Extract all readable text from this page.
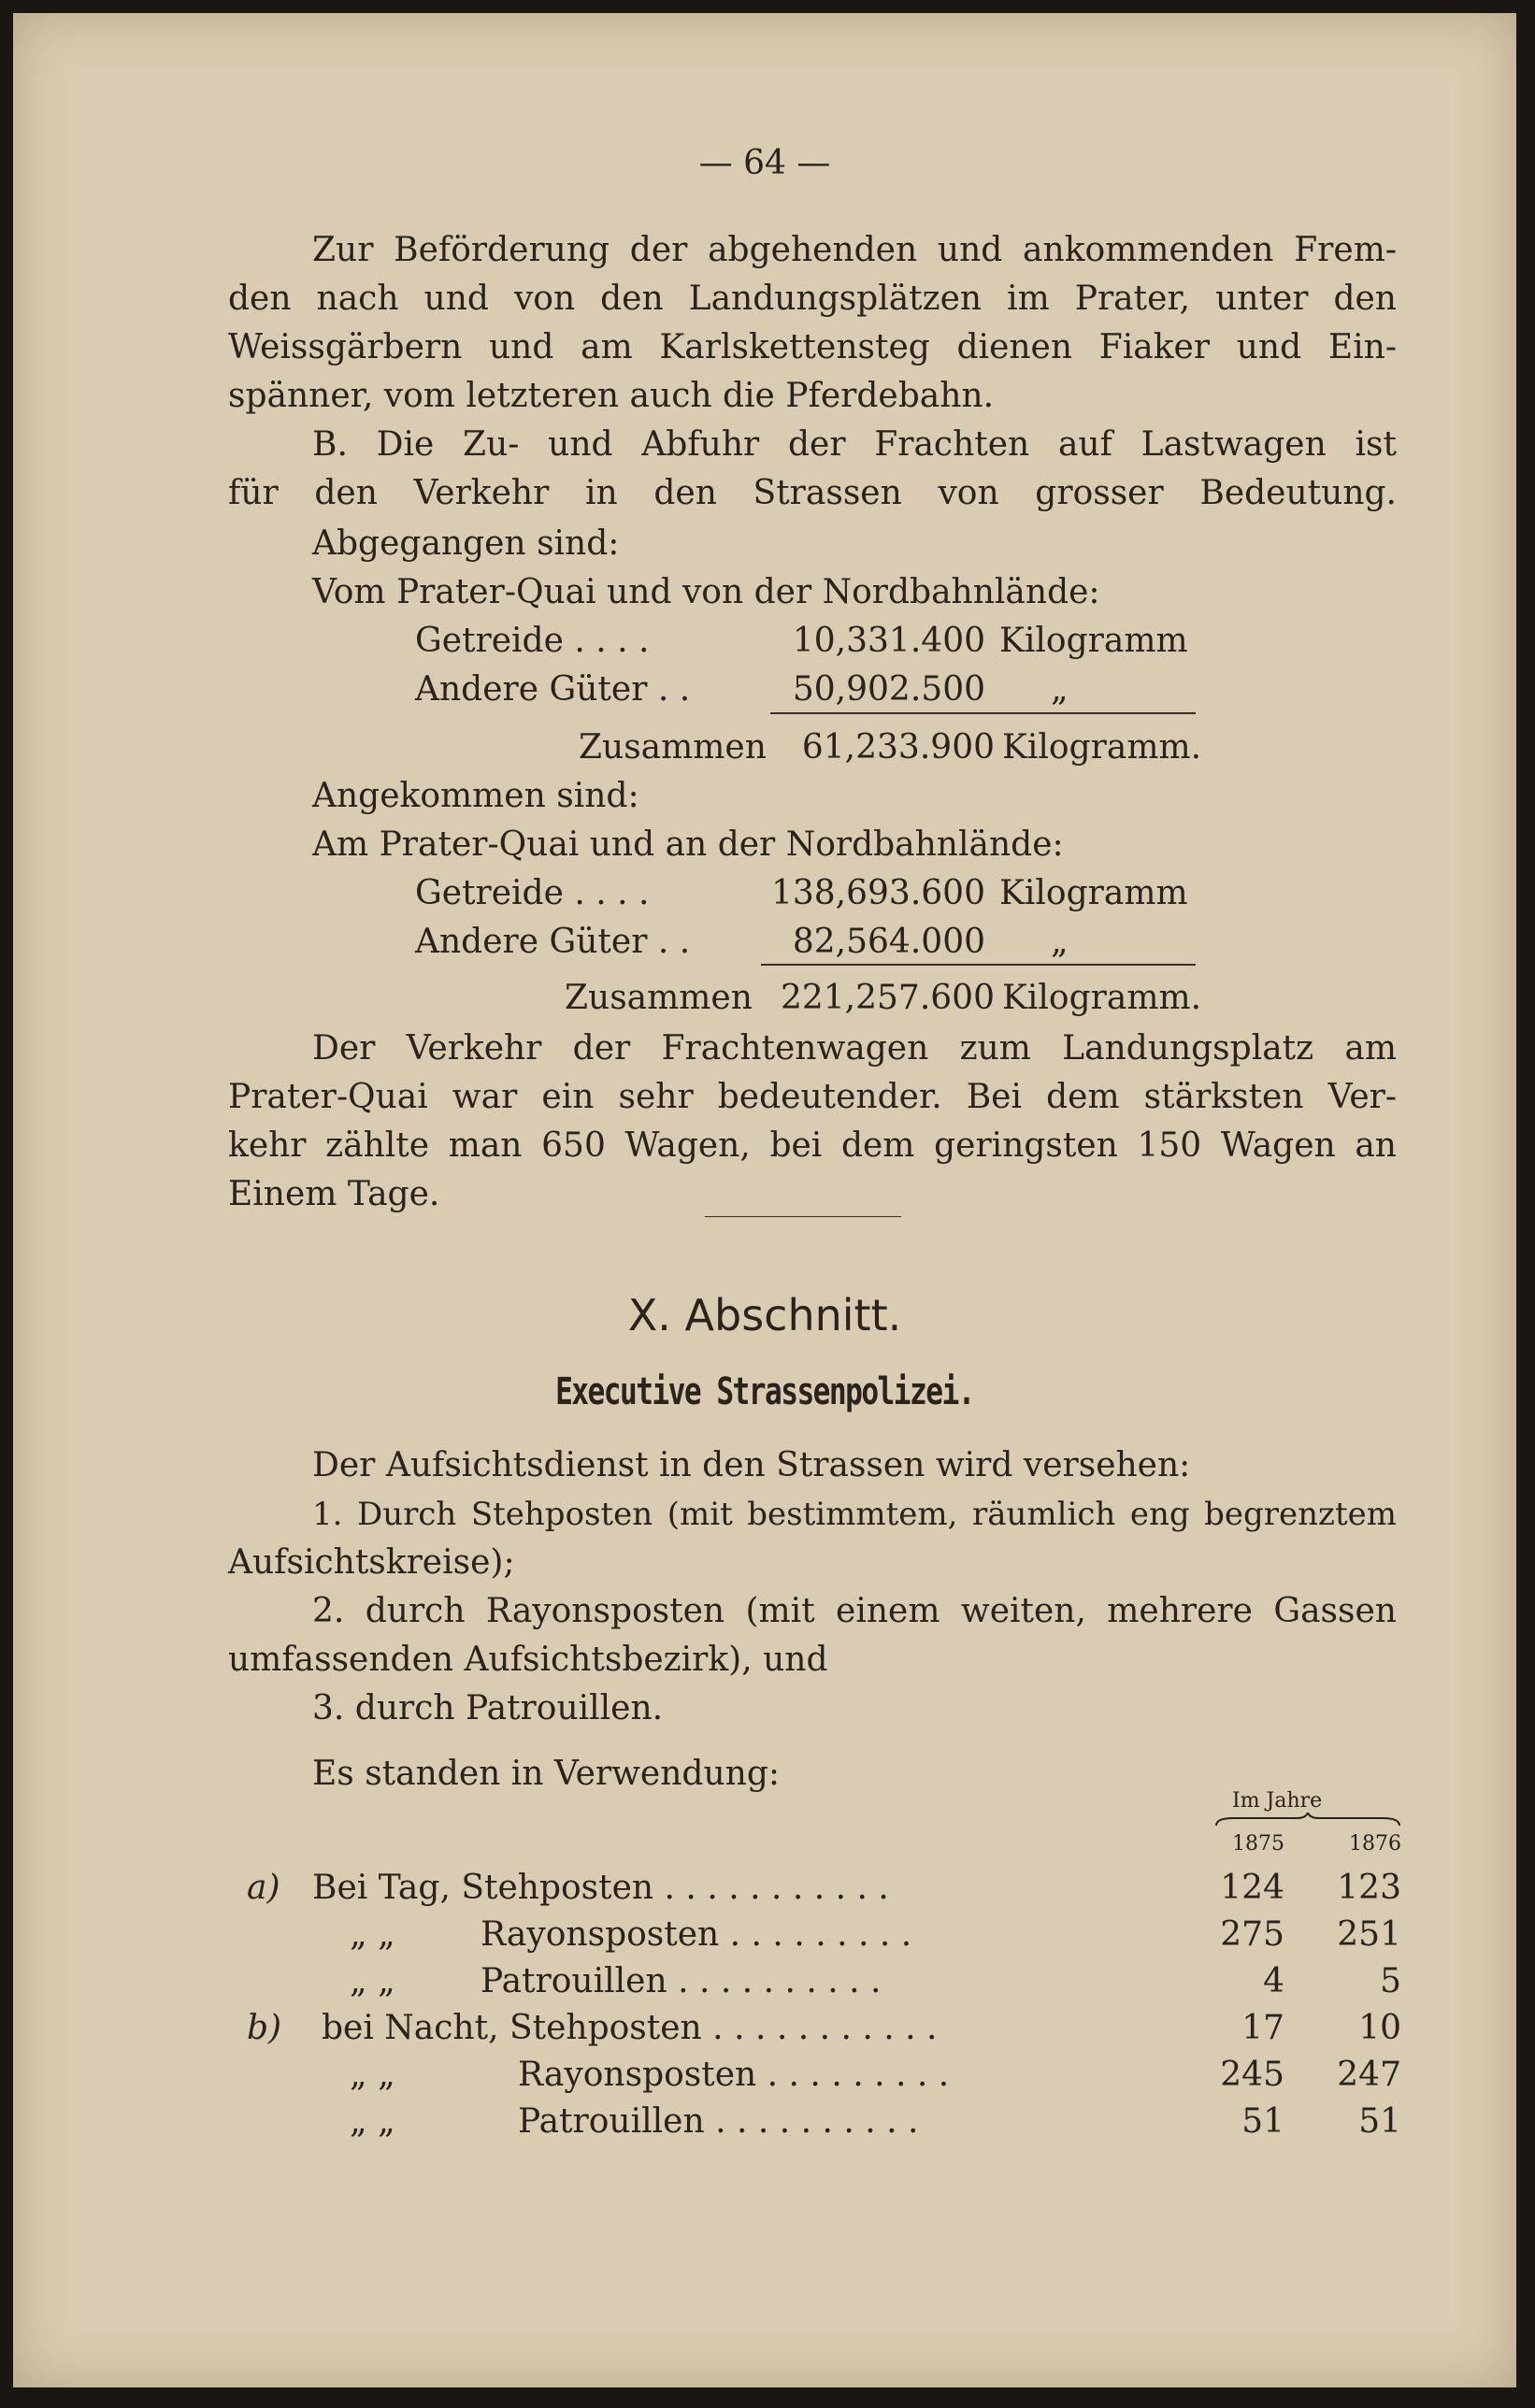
— 64 —
Zur Beförderung der abgehenden und ankommenden Frem-
den nach und von den Landungsplätzen im Prater, unter den
Weissgärbern und am Karlskettensteg dienen Fiaker und Ein-
spänner, vom letzteren auch die Pferdebahn.
B. Die Zu- und Abfuhr der Frachten auf Lastwagen ist
für den Verkehr in den Strassen von grosser Bedeutung.
Abgegangen sind:
Vom Prater-Quai und von der Nordbahnlände:
Getreide . . . .	10,331.400 Kilogramm
Andere Güter . .	50,902.500 „
Zusammen	61,233.900 Kilogramm.
Angekommen sind:
Am Prater-Quai und an der Nordbahnlände:
Getreide . . . .	138,693.600 Kilogramm
Andere Güter . .	82,564.000 „
Zusammen 221,257.600 Kilogramm.
Der Verkehr der Frachtenwagen zum Landungsplatz am
Prater-Quai war ein sehr bedeutender. Bei dem stärksten Ver-
kehr zählte man 650 Wagen, bei dem geringsten 150 Wagen an
Einem Tage.
X. Abschnitt.
Executive Strassenpolizei.
Der Aufsichtsdienst in den Strassen wird versehen:
1. Durch Stehposten (mit bestimmtem, räumlich eng begrenztem
Aufsichtskreise);
2. durch Rayonsposten (mit einem weiten, mehrere Gassen
umfassenden Aufsichtsbezirk), und
3. durch Patrouillen.
Es standen in Verwendung:
Im Jahre
1875	1876
a) Bei Tag, Stehposten . . . . . . . . . . .	124	123
„ „	Rayonsposten . . . . . . . . .	275	251
„ „	Patrouillen . . . . . . . . . .	4	5
b) bei Nacht, Stehposten . . . . . . . . . . .	17	10
„ „	Rayonsposten . . . . . . . . .	245	247
„ „	Patrouillen . . . . . . . . . .	51	51
